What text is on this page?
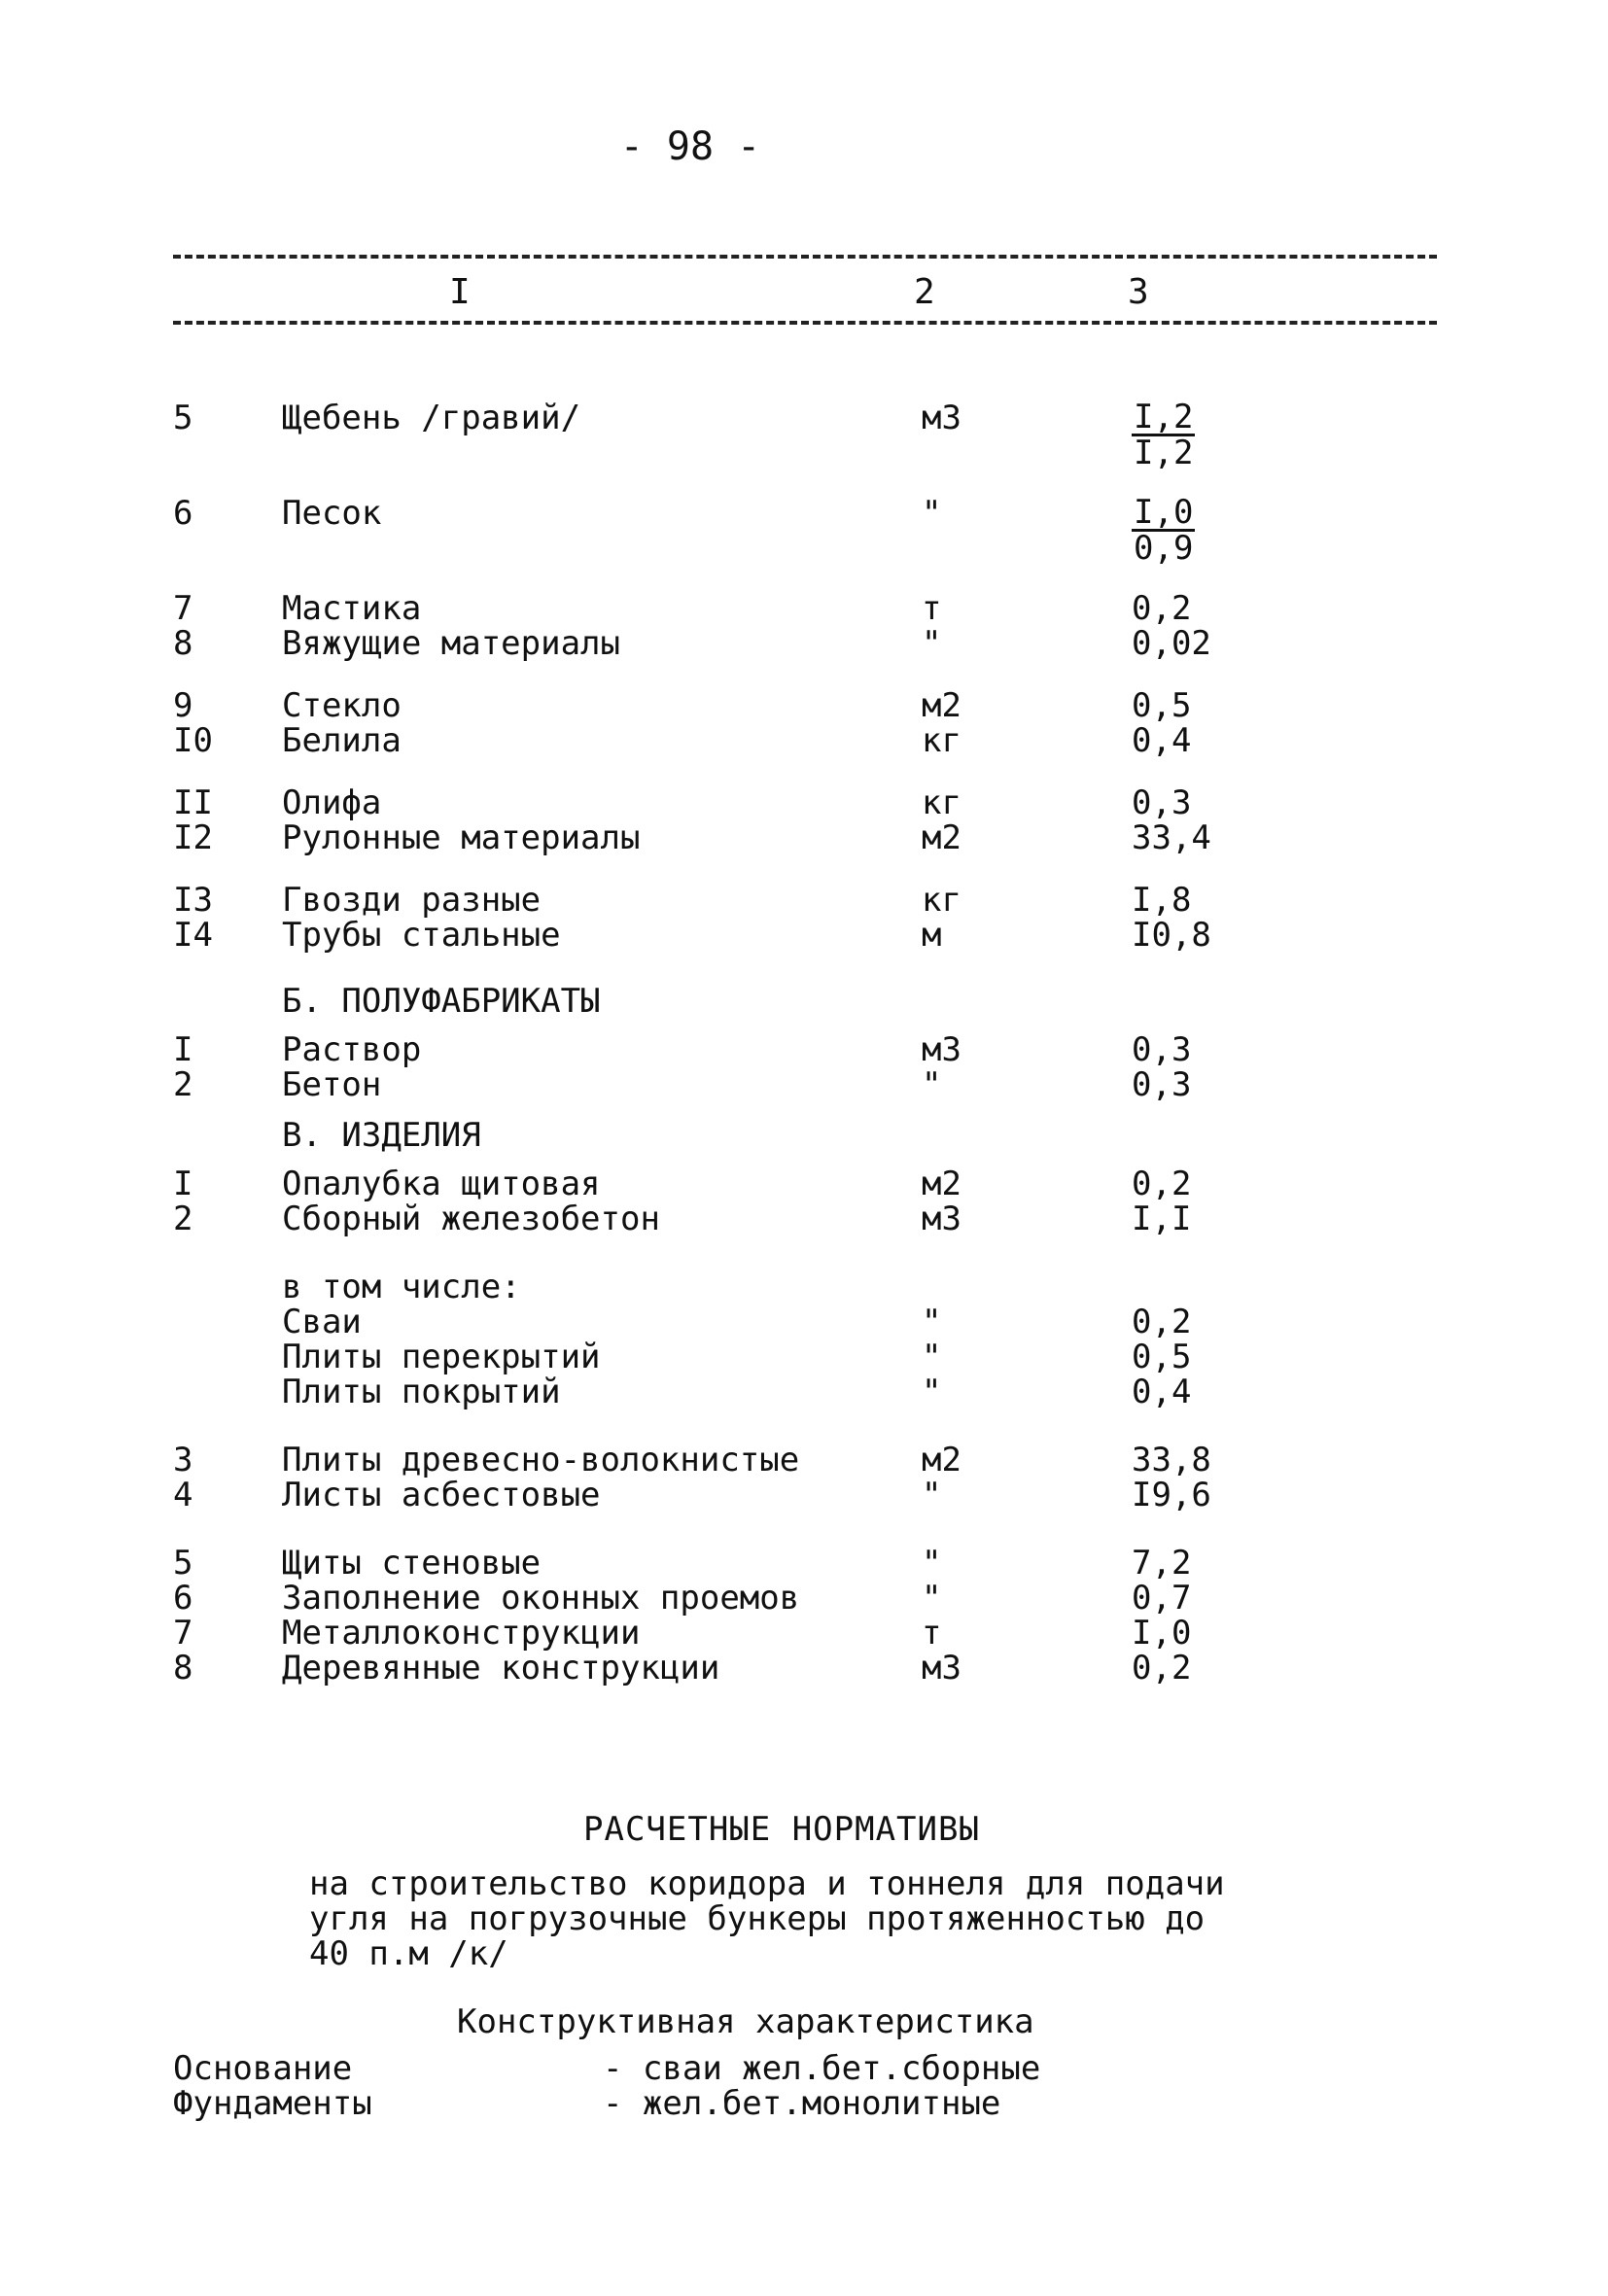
- 98 -
I	2	3
5	Щебень /гравий/	м3	$\frac{I,2}{I,2}$
6	Песок	"	$\frac{I,0}{0,9}$
7	Мастика	т	0,2
8	Вяжущие материалы	"	0,02
9	Стекло	м2	0,5
I0 Белила	кг	0,4
II Олифа	кг	0,3
I2 Рулонные материалы	м2	33,4
I3 Гвозди разные	кг	I,8
I4 Трубы стальные	м	I0,8
Б. ПОЛУФАБРИКАТЫ
I	Раствор	м3	0,3
2	Бетон	"	0,3
В. ИЗДЕЛИЯ
I	Опалубка щитовая	м2	0,2
2	Сборный железобетон	м3	I,I
в том числе:
Сваи	"	0,2
Плиты перекрытий	"	0,5
Плиты покрытий	"	0,4
3	Плиты древесно-волокнистые	м2	33,8
4	Листы асбестовые	"	I9,6
5	Щиты стеновые	"	7,2
6	Заполнение оконных проемов	"	0,7
7	Металлоконструкции	т	I,0
8	Деревянные конструкции	м3	0,2
РАСЧЕТНЫЕ НОРМАТИВЫ
на строительство коридора и тоннеля для подачи
угля на погрузочные бункеры протяженностью до
40 п.м /к/
Конструктивная характеристика
Основание	- сваи жел.бет.сборные
Фундаменты	- жел.бет.монолитные
